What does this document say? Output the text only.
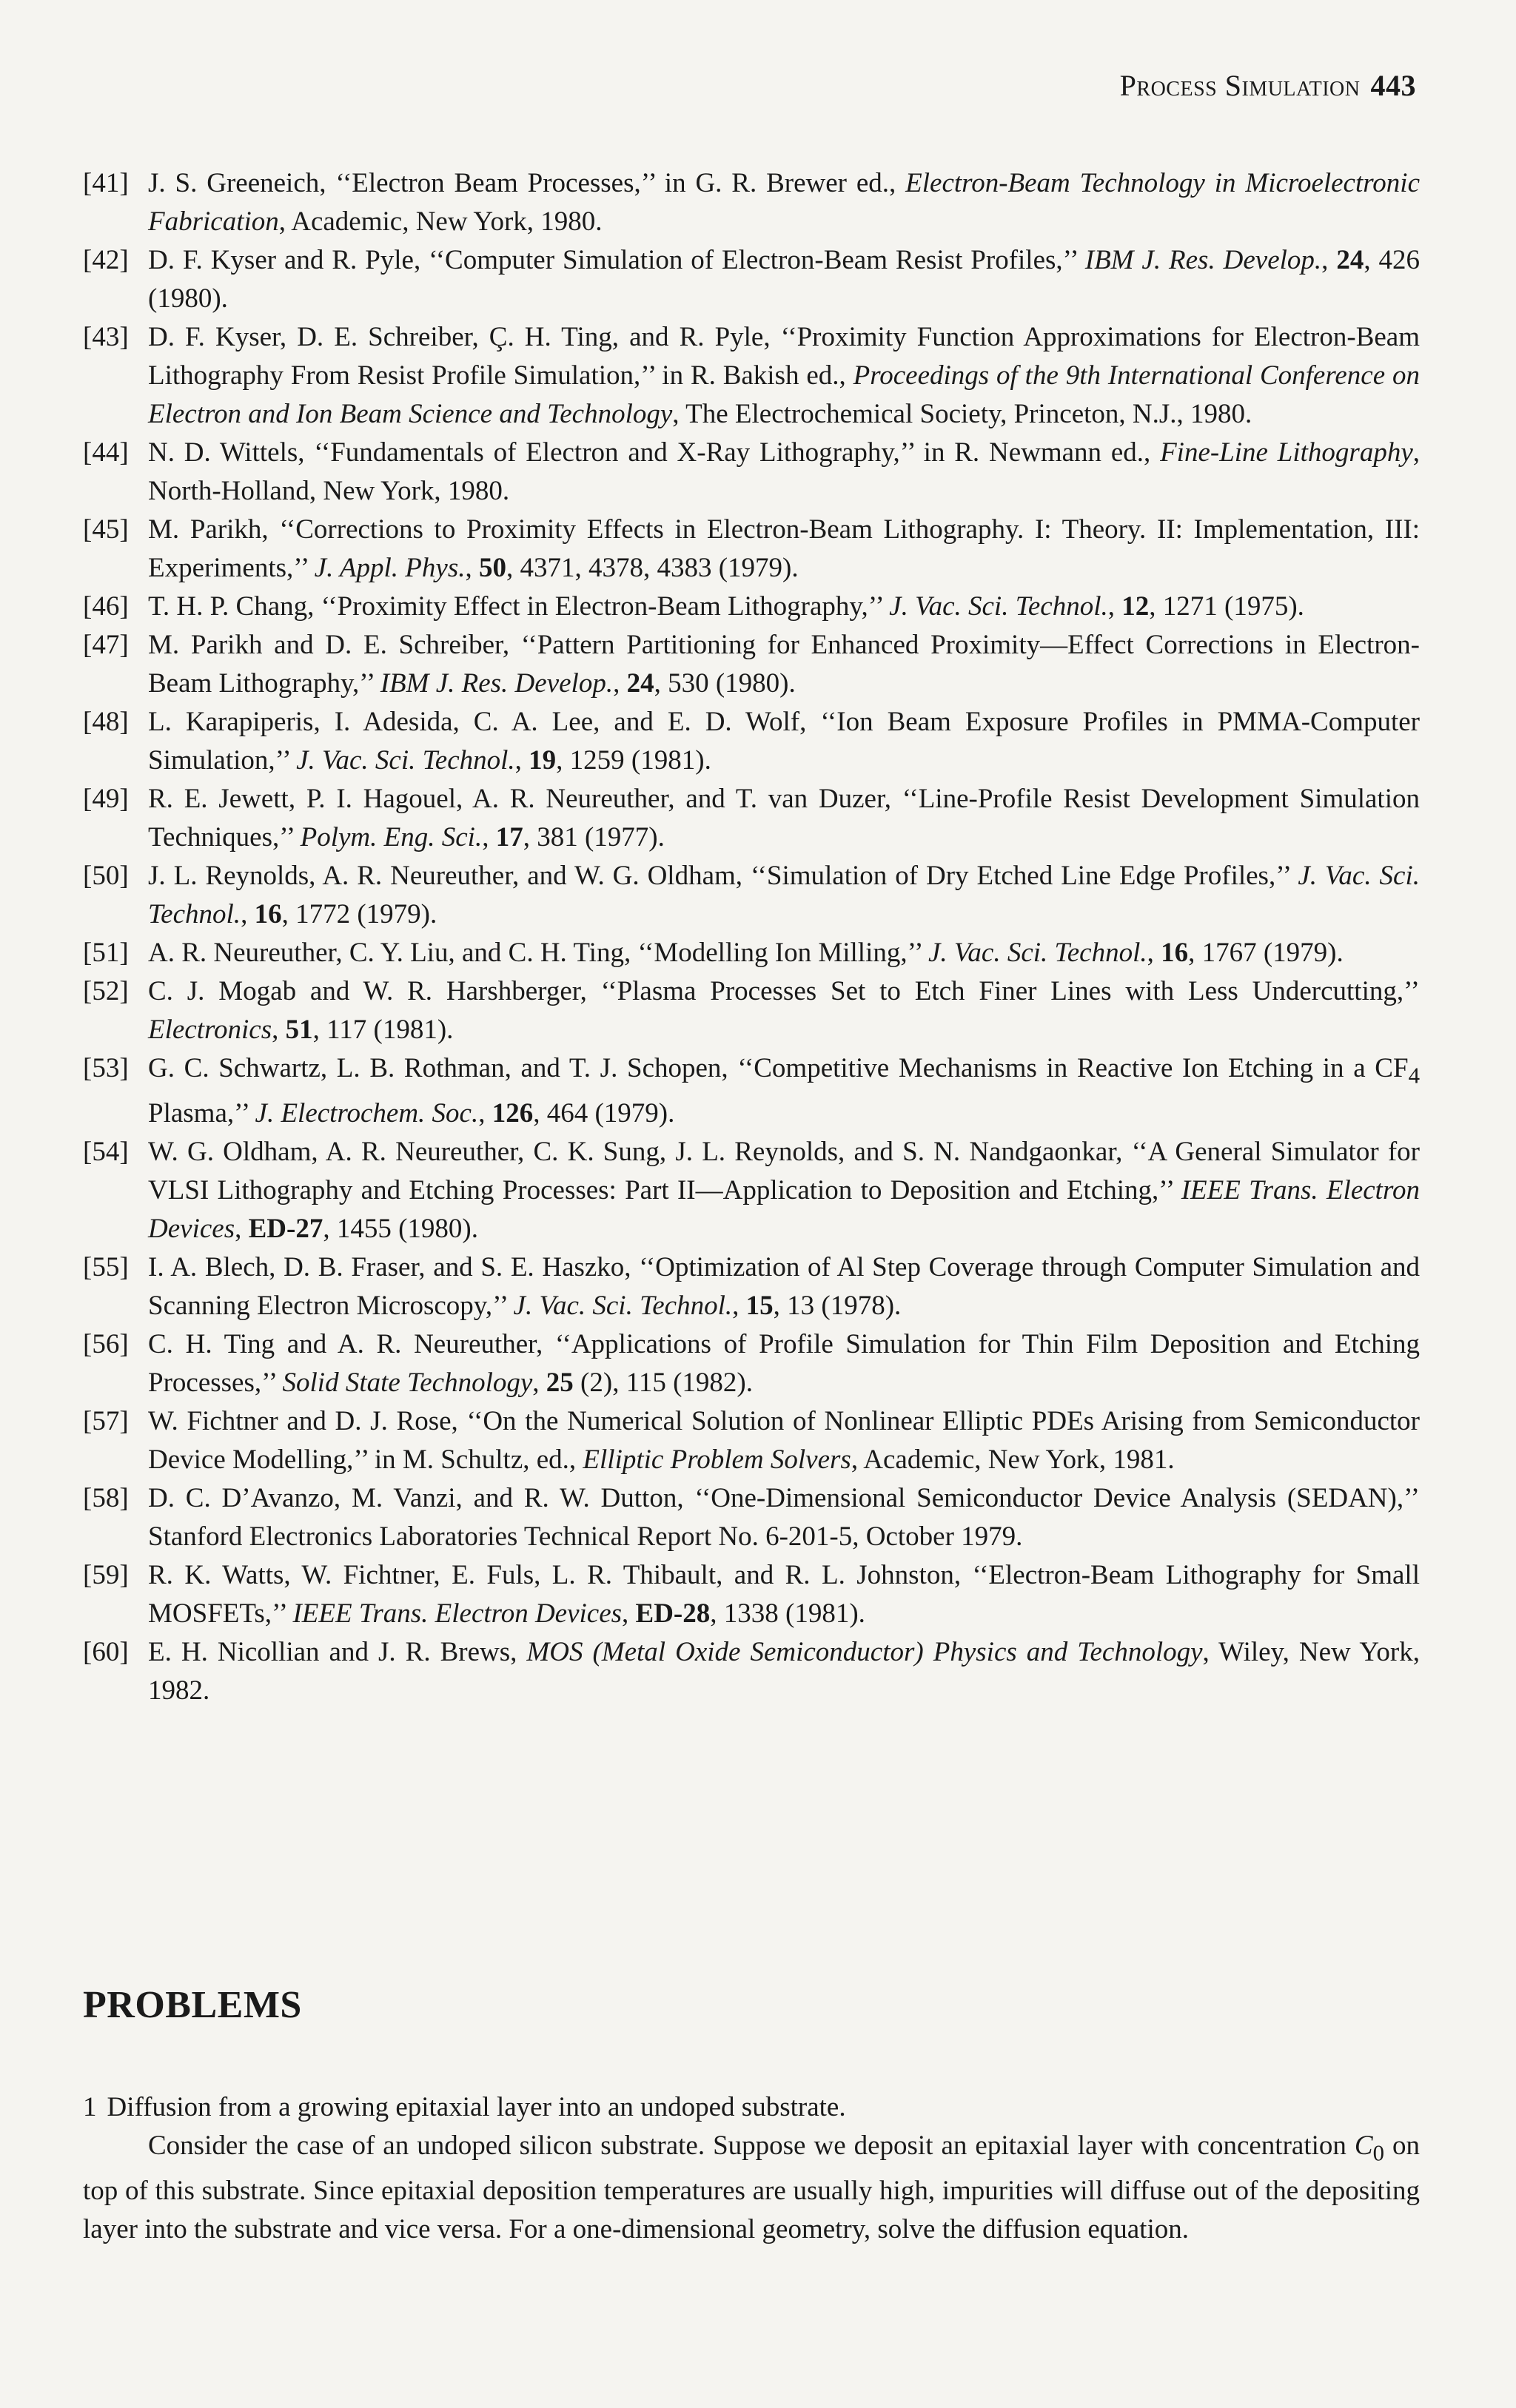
Process Simulation 443
[41] J. S. Greeneich, ‘‘Electron Beam Processes,’’ in G. R. Brewer ed., Electron-Beam Technology in Microelectronic Fabrication, Academic, New York, 1980.
[42] D. F. Kyser and R. Pyle, ‘‘Computer Simulation of Electron-Beam Resist Profiles,’’ IBM J. Res. Develop., 24, 426 (1980).
[43] D. F. Kyser, D. E. Schreiber, Ç. H. Ting, and R. Pyle, ‘‘Proximity Function Approximations for Electron-Beam Lithography From Resist Profile Simulation,’’ in R. Bakish ed., Proceedings of the 9th International Conference on Electron and Ion Beam Science and Technology, The Electrochemical Society, Princeton, N.J., 1980.
[44] N. D. Wittels, ‘‘Fundamentals of Electron and X-Ray Lithography,’’ in R. Newmann ed., Fine-Line Lithography, North-Holland, New York, 1980.
[45] M. Parikh, ‘‘Corrections to Proximity Effects in Electron-Beam Lithography. I: Theory. II: Implementation, III: Experiments,’’ J. Appl. Phys., 50, 4371, 4378, 4383 (1979).
[46] T. H. P. Chang, ‘‘Proximity Effect in Electron-Beam Lithography,’’ J. Vac. Sci. Technol., 12, 1271 (1975).
[47] M. Parikh and D. E. Schreiber, ‘‘Pattern Partitioning for Enhanced Proximity—Effect Corrections in Electron-Beam Lithography,’’ IBM J. Res. Develop., 24, 530 (1980).
[48] L. Karapiperis, I. Adesida, C. A. Lee, and E. D. Wolf, ‘‘Ion Beam Exposure Profiles in PMMA-Computer Simulation,’’ J. Vac. Sci. Technol., 19, 1259 (1981).
[49] R. E. Jewett, P. I. Hagouel, A. R. Neureuther, and T. van Duzer, ‘‘Line-Profile Resist Development Simulation Techniques,’’ Polym. Eng. Sci., 17, 381 (1977).
[50] J. L. Reynolds, A. R. Neureuther, and W. G. Oldham, ‘‘Simulation of Dry Etched Line Edge Profiles,’’ J. Vac. Sci. Technol., 16, 1772 (1979).
[51] A. R. Neureuther, C. Y. Liu, and C. H. Ting, ‘‘Modelling Ion Milling,’’ J. Vac. Sci. Technol., 16, 1767 (1979).
[52] C. J. Mogab and W. R. Harshberger, ‘‘Plasma Processes Set to Etch Finer Lines with Less Undercutting,’’ Electronics, 51, 117 (1981).
[53] G. C. Schwartz, L. B. Rothman, and T. J. Schopen, ‘‘Competitive Mechanisms in Reactive Ion Etching in a $CF_4$ Plasma,’’ J. Electrochem. Soc., 126, 464 (1979).
[54] W. G. Oldham, A. R. Neureuther, C. K. Sung, J. L. Reynolds, and S. N. Nandgaonkar, ‘‘A General Simulator for VLSI Lithography and Etching Processes: Part II—Application to Deposition and Etching,’’ IEEE Trans. Electron Devices, ED-27, 1455 (1980).
[55] I. A. Blech, D. B. Fraser, and S. E. Haszko, ‘‘Optimization of Al Step Coverage through Computer Simulation and Scanning Electron Microscopy,’’ J. Vac. Sci. Technol., 15, 13 (1978).
[56] C. H. Ting and A. R. Neureuther, ‘‘Applications of Profile Simulation for Thin Film Deposition and Etching Processes,’’ Solid State Technology, 25 (2), 115 (1982).
[57] W. Fichtner and D. J. Rose, ‘‘On the Numerical Solution of Nonlinear Elliptic PDEs Arising from Semiconductor Device Modelling,’’ in M. Schultz, ed., Elliptic Problem Solvers, Academic, New York, 1981.
[58] D. C. D’Avanzo, M. Vanzi, and R. W. Dutton, ‘‘One-Dimensional Semiconductor Device Analysis (SEDAN),’’ Stanford Electronics Laboratories Technical Report No. 6-201-5, October 1979.
[59] R. K. Watts, W. Fichtner, E. Fuls, L. R. Thibault, and R. L. Johnston, ‘‘Electron-Beam Lithography for Small MOSFETs,’’ IEEE Trans. Electron Devices, ED-28, 1338 (1981).
[60] E. H. Nicollian and J. R. Brews, MOS (Metal Oxide Semiconductor) Physics and Technology, Wiley, New York, 1982.
PROBLEMS

1 Diffusion from a growing epitaxial layer into an undoped substrate.

Consider the case of an undoped silicon substrate. Suppose we deposit an epitaxial layer with concentration $C_0$ on top of this substrate. Since epitaxial deposition temperatures are usually high, impurities will diffuse out of the depositing layer into the substrate and vice versa. For a one-dimensional geometry, solve the diffusion equation.
